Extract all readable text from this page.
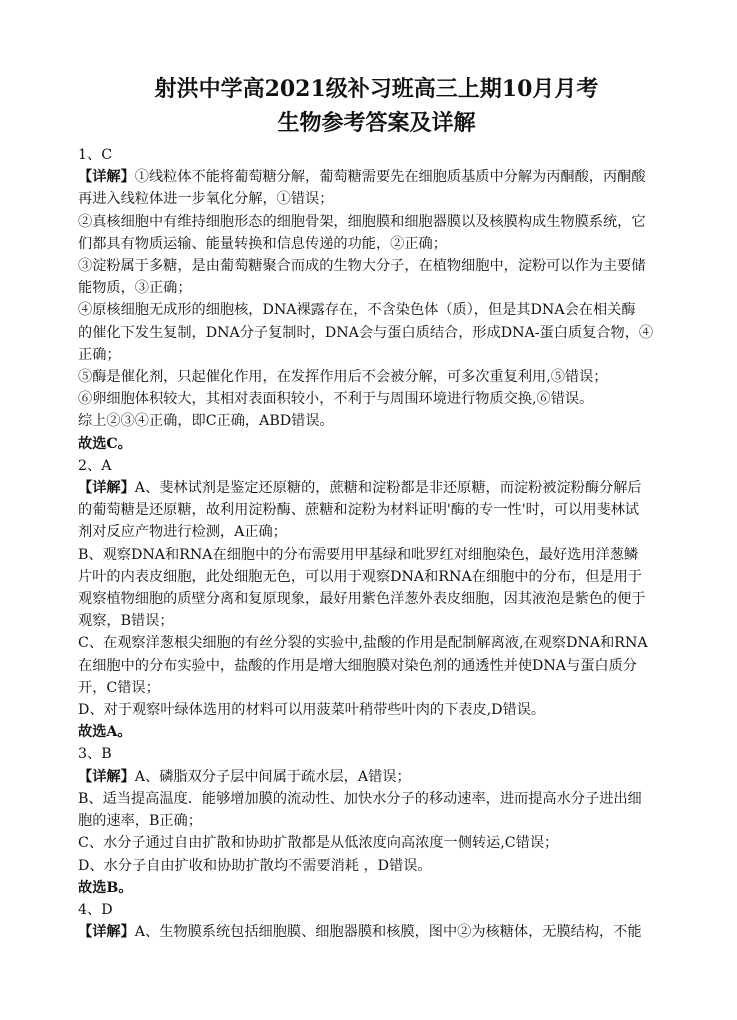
射洪中学高2021级补习班高三上期10月月考
生物参考答案及详解

1、C

【详解】①线粒体不能将葡萄糖分解，葡萄糖需要先在细胞质基质中分解为丙酮酸，丙酮酸

再进入线粒体进一步氧化分解，①错误；

②真核细胞中有维持细胞形态的细胞骨架，细胞膜和细胞器膜以及核膜构成生物膜系统，它

们都具有物质运输、能量转换和信息传递的功能，②正确；

③淀粉属于多糖，是由葡萄糖聚合而成的生物大分子，在植物细胞中，淀粉可以作为主要储

能物质，③正确；

④原核细胞无成形的细胞核，DNA裸露存在，不含染色体（质），但是其DNA会在相关酶

的催化下发生复制，DNA分子复制时，DNA会与蛋白质结合，形成DNA-蛋白质复合物，④

正确；

⑤酶是催化剂，只起催化作用，在发挥作用后不会被分解，可多次重复利用,⑤错误；

⑥卵细胞体积较大，其相对表面积较小，不利于与周围环境进行物质交换,⑥错误。

综上②③④正确，即C正确，ABD错误。

故选C。

2、A

【详解】A、斐林试剂是鉴定还原糖的，蔗糖和淀粉都是非还原糖，而淀粉被淀粉酶分解后

的葡萄糖是还原糖，故利用淀粉酶、蔗糖和淀粉为材料证明'酶的专一性'时，可以用斐林试

剂对反应产物进行检测，A正确；

B、观察DNA和RNA在细胞中的分布需要用甲基绿和吡罗红对细胞染色，最好选用洋葱鳞

片叶的内表皮细胞，此处细胞无色，可以用于观察DNA和RNA在细胞中的分布，但是用于

观察植物细胞的质壁分离和复原现象，最好用紫色洋葱外表皮细胞，因其液泡是紫色的便于

观察，B错误；

C、在观察洋葱根尖细胞的有丝分裂的实验中,盐酸的作用是配制解离液,在观察DNA和RNA

在细胞中的分布实验中，盐酸的作用是增大细胞膜对染色剂的通透性并使DNA与蛋白质分

开，C错误；

D、对于观察叶绿体选用的材料可以用菠菜叶稍带些叶肉的下表皮,D错误。

故选A。

3、B

【详解】A、磷脂双分子层中间属于疏水层，A错误；

B、适当提高温度．能够增加膜的流动性、加快水分子的移动速率，进而提高水分子进出细

胞的速率，B正确；

C、水分子通过自由扩散和协助扩散都是从低浓度向高浓度一侧转运,C错误；

D、水分子自由扩收和协助扩散均不需要消耗 ，D错误。

故选B。

4、D

【详解】A、生物膜系统包括细胞膜、细胞器膜和核膜，图中②为核糖体，无膜结构，不能
